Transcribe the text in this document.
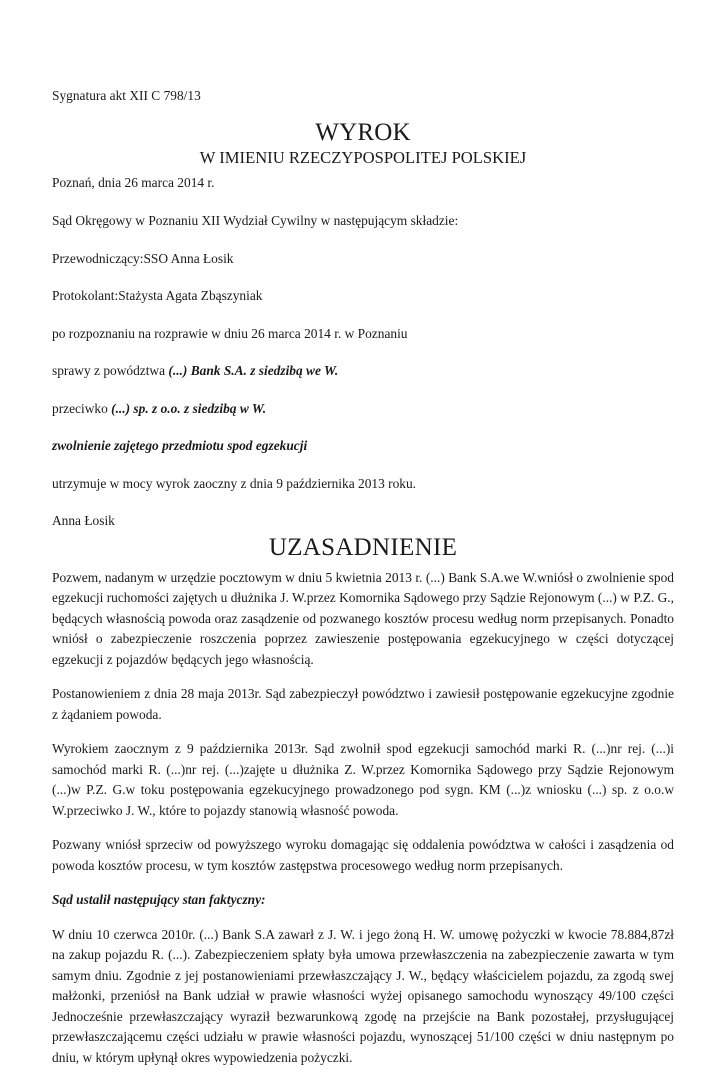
Sygnatura akt XII C 798/13
WYROK
W IMIENIU RZECZYPOSPOLITEJ POLSKIEJ
Poznań, dnia 26 marca 2014 r.
Sąd Okręgowy w Poznaniu XII Wydział Cywilny w następującym składzie:
Przewodniczący:SSO Anna Łosik
Protokolant:Stażysta Agata Zbąszyniak
po rozpoznaniu na rozprawie w dniu 26 marca 2014 r. w Poznaniu
sprawy z powództwa (...) Bank S.A. z siedzibą we W.
przeciwko (...) sp. z o.o. z siedzibą w W.
zwolnienie zajętego przedmiotu spod egzekucji
utrzymuje w mocy wyrok zaoczny z dnia 9 października 2013 roku.
Anna Łosik
UZASADNIENIE
Pozwem, nadanym w urzędzie pocztowym w dniu 5 kwietnia 2013 r. (...) Bank S.A.we W.wniósł o zwolnienie spod egzekucji ruchomości zajętych u dłużnika J. W.przez Komornika Sądowego przy Sądzie Rejonowym (...) w P.Z. G., będących własnością powoda oraz zasądzenie od pozwanego kosztów procesu według norm przepisanych. Ponadto wniósł o zabezpieczenie roszczenia poprzez zawieszenie postępowania egzekucyjnego w części dotyczącej egzekucji z pojazdów będących jego własnością.
Postanowieniem z dnia 28 maja 2013r. Sąd zabezpieczył powództwo i zawiesił postępowanie egzekucyjne zgodnie z żądaniem powoda.
Wyrokiem zaocznym z 9 października 2013r. Sąd zwolnił spod egzekucji samochód marki R. (...)nr rej. (...)i samochód marki R. (...)nr rej. (...)zajęte u dłużnika Z. W.przez Komornika Sądowego przy Sądzie Rejonowym (...)w P.Z. G.w toku postępowania egzekucyjnego prowadzonego pod sygn. KM (...)z wniosku (...) sp. z o.o.w W.przeciwko J. W., które to pojazdy stanowią własność powoda.
Pozwany wniósł sprzeciw od powyższego wyroku domagając się oddalenia powództwa w całości i zasądzenia od powoda kosztów procesu, w tym kosztów zastępstwa procesowego według norm przepisanych.
Sąd ustalił następujący stan faktyczny:
W dniu 10 czerwca 2010r. (...) Bank S.A zawarł z J. W. i jego żoną H. W. umowę pożyczki w kwocie 78.884,87zł na zakup pojazdu R. (...). Zabezpieczeniem spłaty była umowa przewłaszczenia na zabezpieczenie zawarta w tym samym dniu. Zgodnie z jej postanowieniami przewłaszczający J. W., będący właścicielem pojazdu, za zgodą swej małżonki, przeniósł na Bank udział w prawie własności wyżej opisanego samochodu wynoszący 49/100 części Jednocześnie przewłaszczający wyraził bezwarunkową zgodę na przejście na Bank pozostałej, przysługującej przewłaszczającemu części udziału w prawie własności pojazdu, wynoszącej 51/100 części w dniu następnym po dniu, w którym upłynął okres wypowiedzenia pożyczki.
